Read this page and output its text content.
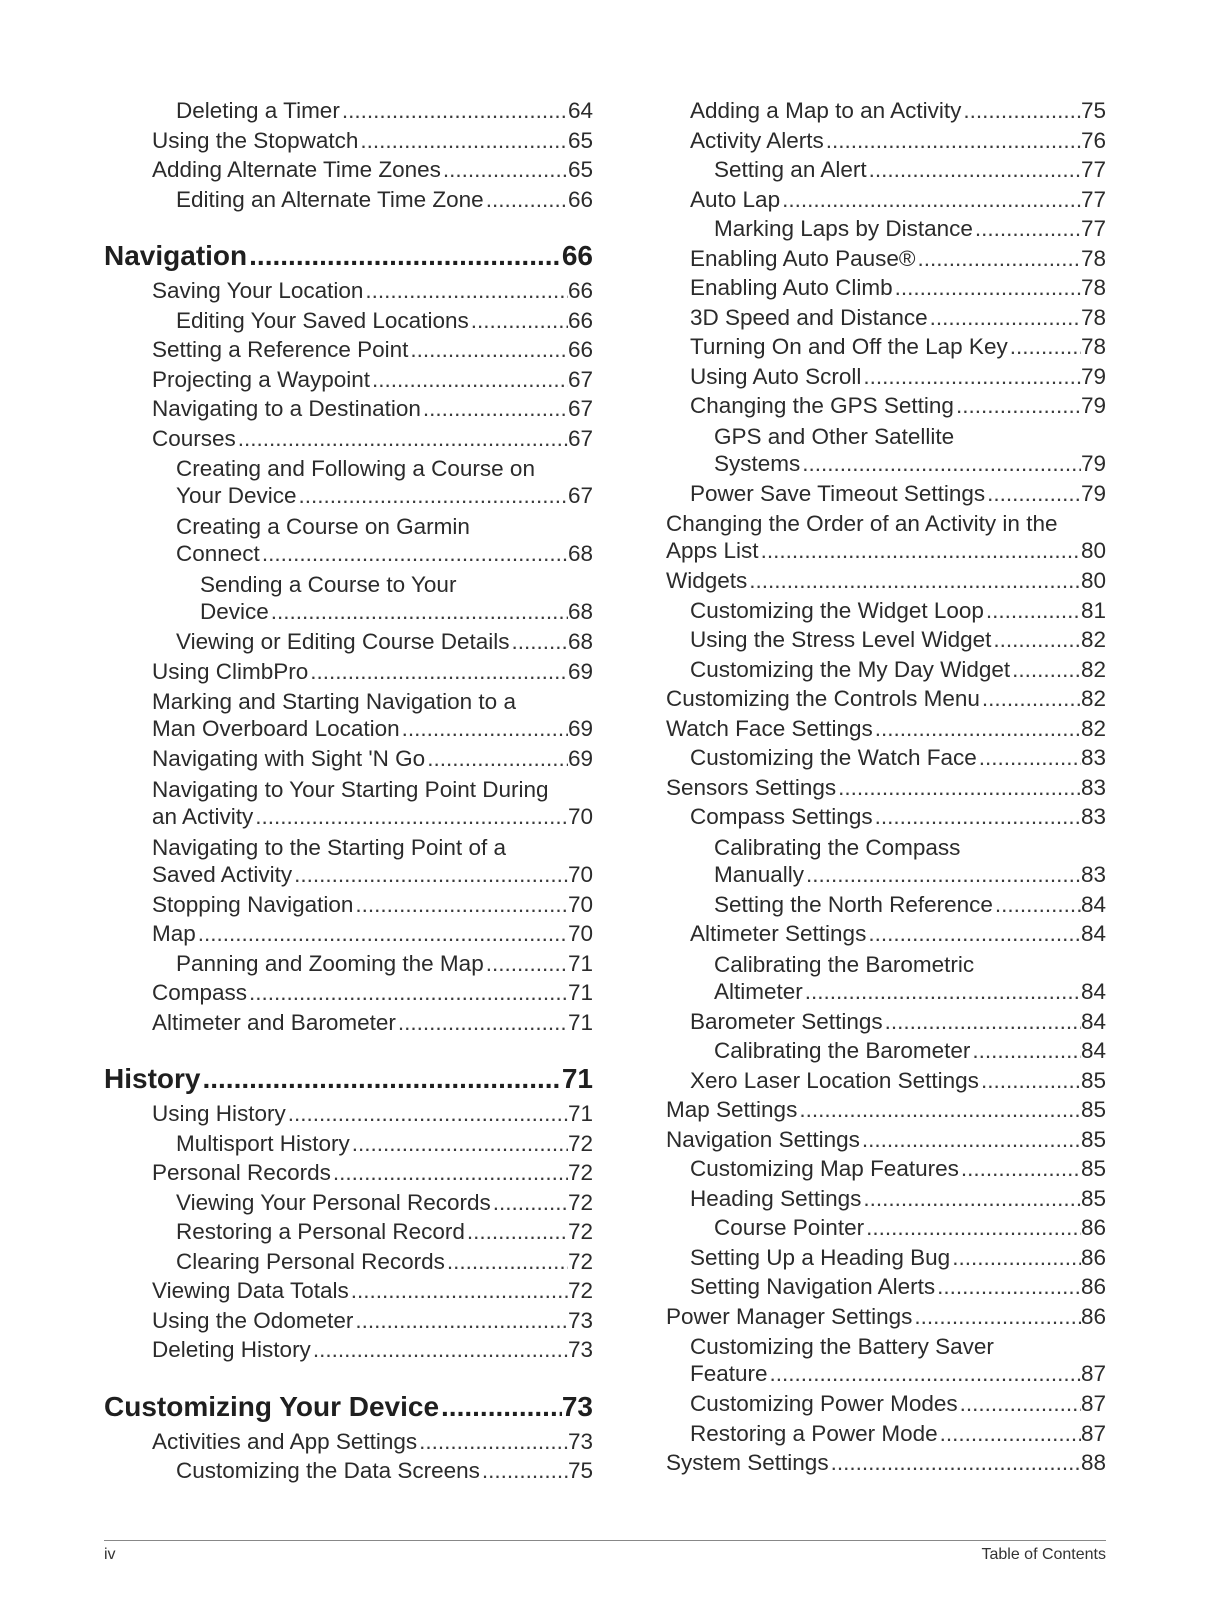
Deleting a Timer .....	64
Using the Stopwatch .....	65
Adding Alternate Time Zones .....	65
Editing an Alternate Time Zone .....	66
Navigation .....	66
Saving Your Location .....	66
Editing Your Saved Locations .....	66
Setting a Reference Point .....	66
Projecting a Waypoint .....	67
Navigating to a Destination .....	67
Courses .....	67
Creating and Following a Course on
Your Device .....	67
Creating a Course on Garmin
Connect .....	68
Sending a Course to Your
Device .....	68
Viewing or Editing Course Details .....	68
Using ClimbPro .....	69
Marking and Starting Navigation to a
Man Overboard Location .....	69
Navigating with Sight 'N Go .....	69
Navigating to Your Starting Point During
an Activity .....	70
Navigating to the Starting Point of a
Saved Activity .....	70
Stopping Navigation .....	70
Map .....	70
Panning and Zooming the Map .....	71
Compass .....	71
Altimeter and Barometer .....	71
History .....	71
Using History .....	71
Multisport History .....	72
Personal Records .....	72
Viewing Your Personal Records .....	72
Restoring a Personal Record .....	72
Clearing Personal Records .....	72
Viewing Data Totals .....	72
Using the Odometer .....	73
Deleting History .....	73
Customizing Your Device .....	73
Activities and App Settings .....	73
Customizing the Data Screens .....	75
Adding a Map to an Activity .....	75
Activity Alerts .....	76
Setting an Alert .....	77
Auto Lap .....	77
Marking Laps by Distance .....	77
Enabling Auto Pause® .....	78
Enabling Auto Climb .....	78
3D Speed and Distance .....	78
Turning On and Off the Lap Key .....	78
Using Auto Scroll .....	79
Changing the GPS Setting .....	79
GPS and Other Satellite
Systems .....	79
Power Save Timeout Settings .....	79
Changing the Order of an Activity in the
Apps List .....	80
Widgets .....	80
Customizing the Widget Loop .....	81
Using the Stress Level Widget .....	82
Customizing the My Day Widget .....	82
Customizing the Controls Menu .....	82
Watch Face Settings .....	82
Customizing the Watch Face .....	83
Sensors Settings .....	83
Compass Settings .....	83
Calibrating the Compass
Manually .....	83
Setting the North Reference .....	84
Altimeter Settings .....	84
Calibrating the Barometric
Altimeter .....	84
Barometer Settings .....	84
Calibrating the Barometer .....	84
Xero Laser Location Settings .....	85
Map Settings .....	85
Navigation Settings .....	85
Customizing Map Features .....	85
Heading Settings .....	85
Course Pointer .....	86
Setting Up a Heading Bug .....	86
Setting Navigation Alerts .....	86
Power Manager Settings .....	86
Customizing the Battery Saver
Feature .....	87
Customizing Power Modes .....	87
Restoring a Power Mode .....	87
System Settings .....	88
iv	Table of Contents
